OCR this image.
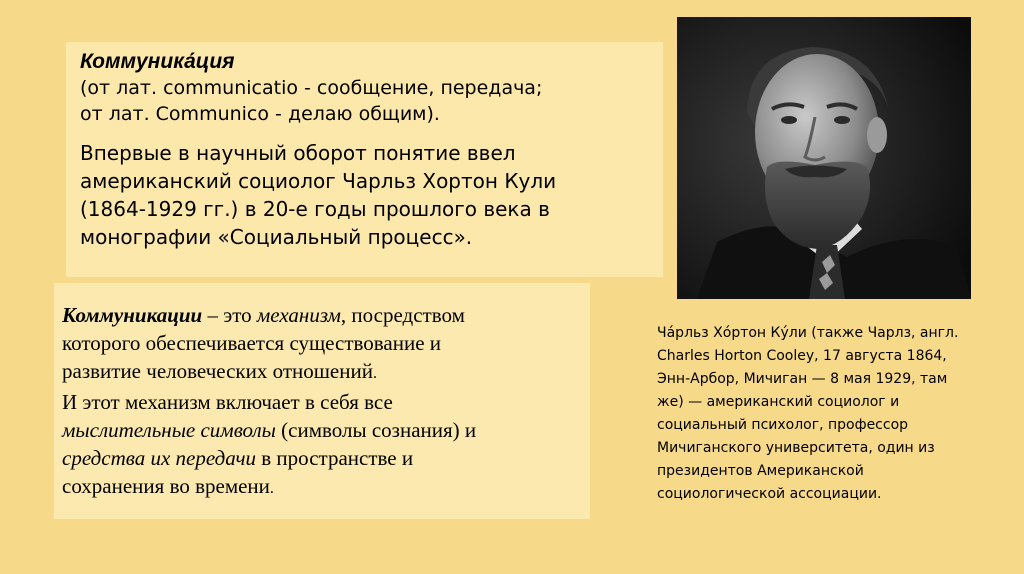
Коммуника́ция
(от лат. communicatio - сообщение, передача;
от лат. Communico - делаю общим).
Впервые в научный оборот понятие ввел
американский социолог Чарльз Хортон Кули
(1864-1929 гг.) в 20-е годы прошлого века в
монографии «Социальный процесс».
Коммуникации – это механизм, посредством
которого обеспечивается существование и
развитие человеческих отношений.
И этот механизм включает в себя все
мыслительные символы (символы сознания) и
средства их передачи в пространстве и
сохранения во времени.
Ча́рльз Хо́ртон Ку́ли (также Чарлз, англ.
Charles Horton Cooley, 17 августа 1864,
Энн-Арбор, Мичиган — 8 мая 1929, там
же) — американский социолог и
социальный психолог, профессор
Мичиганского университета, один из
президентов Американской
социологической ассоциации.
